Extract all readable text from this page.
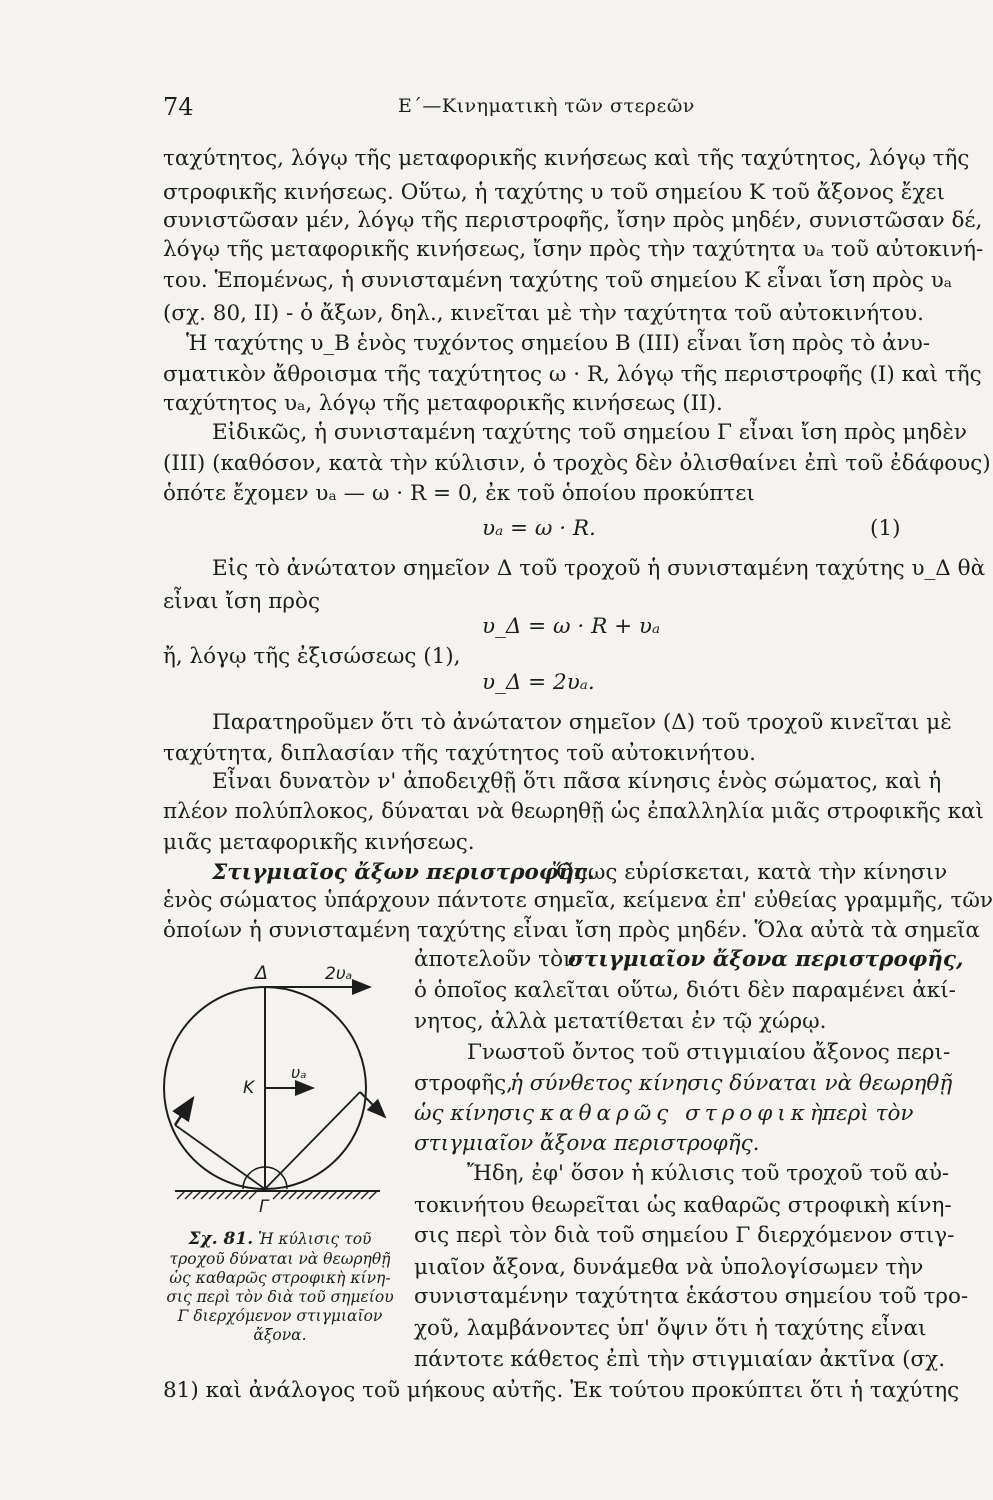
74	Ε΄—Κινηματικὴ τῶν στερεῶν
ταχύτητος, λόγῳ τῆς μεταφορικῆς κινήσεως καὶ τῆς ταχύτητος, λόγῳ τῆς
στροφικῆς κινήσεως. Οὕτω, ἡ ταχύτης υ τοῦ σημείου Κ τοῦ ἄξονος ἔχει
συνιστῶσαν μέν, λόγῳ τῆς περιστροφῆς, ἴσην πρὸς μηδέν, συνιστῶσαν δέ,
λόγῳ τῆς μεταφορικῆς κινήσεως, ἴσην πρὸς τὴν ταχύτητα υₐ τοῦ αὐτοκινή-
του. Ἑπομένως, ἡ συνισταμένη ταχύτης τοῦ σημείου Κ εἶναι ἴση πρὸς υₐ
(σχ. 80, ΙΙ) - ὁ ἄξων, δηλ., κινεῖται μὲ τὴν ταχύτητα τοῦ αὐτοκινήτου.
Ἡ ταχύτης υ_B ἑνὸς τυχόντος σημείου Β (ΙΙΙ) εἶναι ἴση πρὸς τὸ ἀνυ-
σματικὸν ἄθροισμα τῆς ταχύτητος ω · R, λόγῳ τῆς περιστροφῆς (Ι) καὶ τῆς
ταχύτητος υₐ, λόγῳ τῆς μεταφορικῆς κινήσεως (ΙΙ).
Εἰδικῶς, ἡ συνισταμένη ταχύτης τοῦ σημείου Γ εἶναι ἴση πρὸς μηδὲν
(ΙΙΙ) (καθόσον, κατὰ τὴν κύλισιν, ὁ τροχὸς δὲν ὀλισθαίνει ἐπὶ τοῦ ἐδάφους)
ὁπότε ἔχομεν υₐ — ω · R = 0, ἐκ τοῦ ὁποίου προκύπτει
υₐ = ω · R.	(1)
Εἰς τὸ ἀνώτατον σημεῖον Δ τοῦ τροχοῦ ἡ συνισταμένη ταχύτης υ_Δ θὰ
εἶναι ἴση πρὸς
υ_Δ = ω · R + υₐ
ἤ, λόγῳ τῆς ἐξισώσεως (1),
υ_Δ = 2υₐ.
Παρατηροῦμεν ὅτι τὸ ἀνώτατον σημεῖον (Δ) τοῦ τροχοῦ κινεῖται μὲ
ταχύτητα, διπλασίαν τῆς ταχύτητος τοῦ αὐτοκινήτου.
Εἶναι δυνατὸν ν' ἀποδειχθῇ ὅτι πᾶσα κίνησις ἑνὸς σώματος, καὶ ἡ
πλέον πολύπλοκος, δύναται νὰ θεωρηθῇ ὡς ἐπαλληλία μιᾶς στροφικῆς καὶ
μιᾶς μεταφορικῆς κινήσεως.
Στιγμιαῖος ἄξων περιστροφῆς.
Ὅπως εὑρίσκεται, κατὰ τὴν κίνησιν
ἑνὸς σώματος ὑπάρχουν πάντοτε σημεῖα, κείμενα ἐπ' εὐθείας γραμμῆς, τῶν
ὁποίων ἡ συνισταμένη ταχύτης εἶναι ἴση πρὸς μηδέν. Ὅλα αὐτὰ τὰ σημεῖα
ἀποτελοῦν τὸν
στιγμιαῖον ἄξονα περιστροφῆς,
ὁ ὁποῖος καλεῖται οὕτω, διότι δὲν παραμένει ἀκί-
νητος, ἀλλὰ μετατίθεται ἐν τῷ χώρῳ.
Γνωστοῦ ὄντος τοῦ στιγμιαίου ἄξονος περι-
στροφῆς,
ἡ σύνθετος κίνησις δύναται νὰ θεωρηθῇ
ὡς κίνησις καθαρῶς στροφικὴ
περὶ τὸν
στιγμιαῖον ἄξονα περιστροφῆς.
Ἤδη, ἐφ' ὅσον ἡ κύλισις τοῦ τροχοῦ τοῦ αὐ-
τοκινήτου θεωρεῖται ὡς καθαρῶς στροφικὴ κίνη-
σις περὶ τὸν διὰ τοῦ σημείου Γ διερχόμενον στιγ-
μιαῖον ἄξονα, δυνάμεθα νὰ ὑπολογίσωμεν τὴν
συνισταμένην ταχύτητα ἑκάστου σημείου τοῦ τρο-
χοῦ, λαμβάνοντες ὑπ' ὄψιν ὅτι ἡ ταχύτης εἶναι
πάντοτε κάθετος ἐπὶ τὴν στιγμιαίαν ἀκτῖνα (σχ.
81) καὶ ἀνάλογος τοῦ μήκους αὐτῆς. Ἐκ τούτου προκύπτει ὅτι ἡ ταχύτης
Δ	2υₐ
Κ
υₐ
Γ
Σχ. 81. Ἡ κύλισις τοῦ
τροχοῦ δύναται νὰ θεωρηθῇ
ὡς καθαρῶς στροφικὴ κίνη-
σις περὶ τὸν διὰ τοῦ σημείου
Γ διερχόμενον στιγμιαῖον
ἄξονα.
